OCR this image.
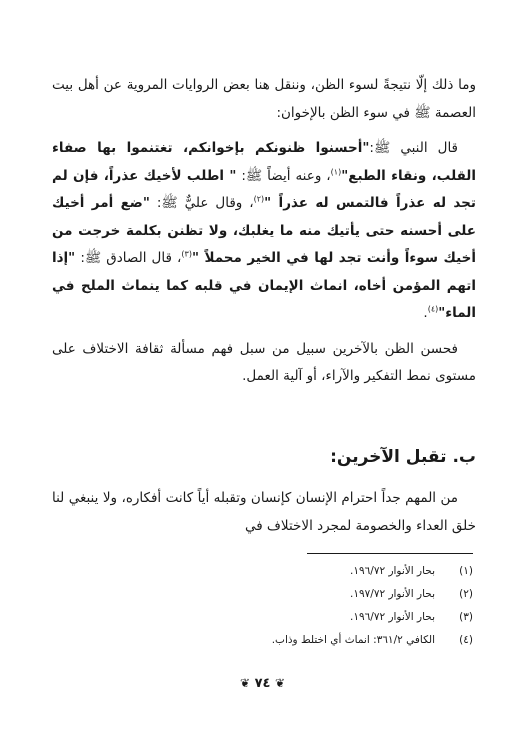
وما ذلك إلّا نتيجةً لسوء الظن، وننقل هنا بعض الروايات المروية عن أهل بيت العصمة ﷺ في سوء الظن بالإخوان:

قال النبي ﷺ:"أحسنوا ظنونكم بإخوانكم، تغتنموا بها صفاء القلب، ونقاء الطبع"$^{(١)}$، وعنه أيضاً ﷺ: " اطلب لأخيك عذراً، فإن لم تجد له عذراً فالتمس له عذراً "$^{(٢)}$، وقال عليٌّ ﷺ: "ضع أمر أخيك على أحسنه حتى يأتيك منه ما يغلبك، ولا تظنن بكلمة خرجت من أخيك سوءاً وأنت تجد لها في الخير محملاً "$^{(٣)}$، قال الصادق ﷺ: "إذا اتهم المؤمن أخاه، انماث الإيمان في قلبه كما ينماث الملح في الماء"$^{(٤)}$.

فحسن الظن بالآخرين سبيل من سبل فهم مسألة ثقافة الاختلاف على مستوى نمط التفكير والآراء، أو آلية العمل.

ب. تقبل الآخرين:

من المهم جداً احترام الإنسان كإنسان وتقبله أياً كانت أفكاره، ولا ينبغي لنا خلق العداء والخصومة لمجرد الاختلاف في

(١)
بحار الأنوار ١٩٦/٧٢.
(٢)
بحار الأنوار ١٩٧/٧٢.
(٣)
بحار الأنوار ١٩٦/٧٢.
(٤)
الكافي ٣٦١/٢: انماث أي اختلط وذاب.
❦ ٧٤ ❦
